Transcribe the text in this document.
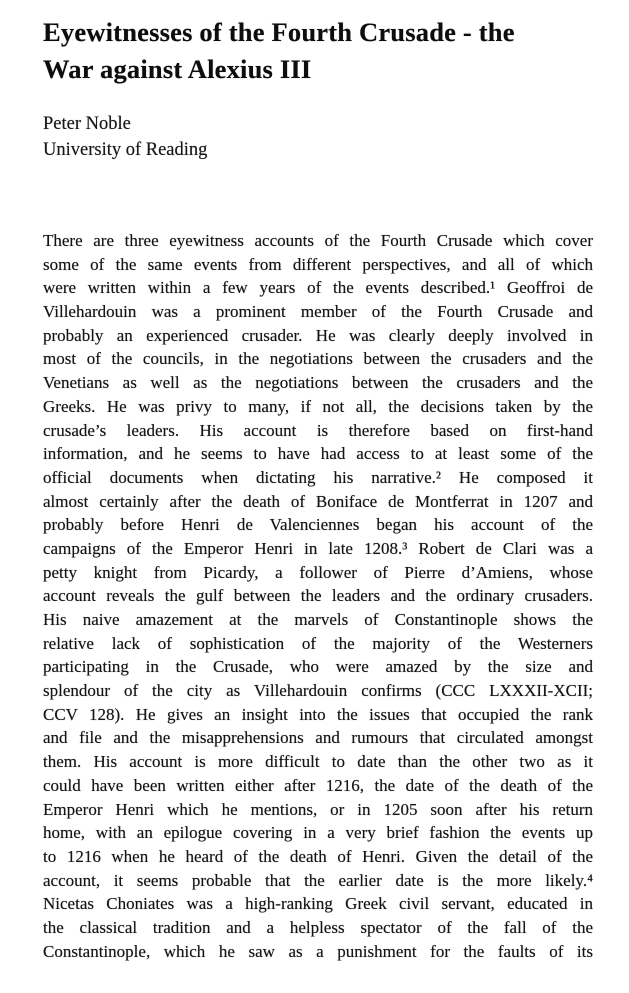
Eyewitnesses of the Fourth Crusade - the
War against Alexius III
Peter Noble
University of Reading
There are three eyewitness accounts of the Fourth Crusade which cover
some of the same events from different perspectives, and all of which
were written within a few years of the events described.¹ Geoffroi de
Villehardouin was a prominent member of the Fourth Crusade and
probably an experienced crusader. He was clearly deeply involved in
most of the councils, in the negotiations between the crusaders and the
Venetians as well as the negotiations between the crusaders and the
Greeks. He was privy to many, if not all, the decisions taken by the
crusade’s leaders. His account is therefore based on first-hand
information, and he seems to have had access to at least some of the
official documents when dictating his narrative.² He composed it
almost certainly after the death of Boniface de Montferrat in 1207 and
probably before Henri de Valenciennes began his account of the
campaigns of the Emperor Henri in late 1208.³ Robert de Clari was a
petty knight from Picardy, a follower of Pierre d’Amiens, whose
account reveals the gulf between the leaders and the ordinary crusaders.
His naive amazement at the marvels of Constantinople shows the
relative lack of sophistication of the majority of the Westerners
participating in the Crusade, who were amazed by the size and
splendour of the city as Villehardouin confirms (CCC LXXXII-XCII;
CCV 128). He gives an insight into the issues that occupied the rank
and file and the misapprehensions and rumours that circulated amongst
them. His account is more difficult to date than the other two as it
could have been written either after 1216, the date of the death of the
Emperor Henri which he mentions, or in 1205 soon after his return
home, with an epilogue covering in a very brief fashion the events up
to 1216 when he heard of the death of Henri. Given the detail of the
account, it seems probable that the earlier date is the more likely.⁴
Nicetas Choniates was a high-ranking Greek civil servant, educated in
the classical tradition and a helpless spectator of the fall of the
Constantinople, which he saw as a punishment for the faults of its
